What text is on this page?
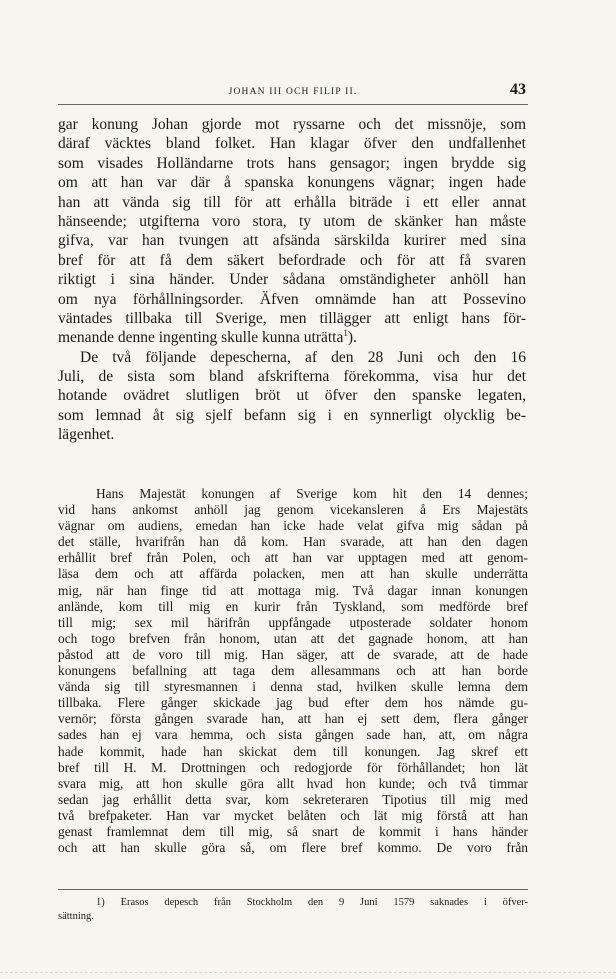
JOHAN III OCH FILIP II.	43
gar konung Johan gjorde mot ryssarne och det missnöje, som
däraf väcktes bland folket. Han klagar öfver den undfallenhet
som visades Holländarne trots hans gensagor; ingen brydde sig
om att han var där å spanska konungens vägnar; ingen hade
han att vända sig till för att erhålla biträde i ett eller annat
hänseende; utgifterna voro stora, ty utom de skänker han måste
gifva, var han tvungen att afsända särskilda kurirer med sina
bref för att få dem säkert befordrade och för att få svaren
riktigt i sina händer. Under sådana omständigheter anhöll han
om nya förhållningsorder. Äfven omnämde han att Possevino
väntades tillbaka till Sverige, men tillägger att enligt hans för-
menande denne ingenting skulle kunna uträtta$^1$).
De två följande depescherna, af den 28 Juni och den 16
Juli, de sista som bland afskrifterna förekomma, visa hur det
hotande ovädret slutligen bröt ut öfver den spanske legaten,
som lemnad åt sig sjelf befann sig i en synnerligt olycklig be-
lägenhet.
Hans Majestät konungen af Sverige kom hit den 14 dennes;
vid hans ankomst anhöll jag genom vicekansleren å Ers Majestäts
vägnar om audiens, emedan han icke hade velat gifva mig sådan på
det ställe, hvarifrån han då kom. Han svarade, att han den dagen
erhållit bref från Polen, och att han var upptagen med att genom-
läsa dem och att affärda polacken, men att han skulle underrätta
mig, när han finge tid att mottaga mig. Två dagar innan konungen
anlände, kom till mig en kurir från Tyskland, som medförde bref
till mig; sex mil härifrån uppfångade utposterade soldater honom
och togo brefven från honom, utan att det gagnade honom, att han
påstod att de voro till mig. Han säger, att de svarade, att de hade
konungens befallning att taga dem allesammans och att han borde
vända sig till styresmannen i denna stad, hvilken skulle lemna dem
tillbaka. Flere gånger skickade jag bud efter dem hos nämde gu-
vernör; första gången svarade han, att han ej sett dem, flera gånger
sades han ej vara hemma, och sista gången sade han, att, om några
hade kommit, hade han skickat dem till konungen. Jag skref ett
bref till H. M. Drottningen och redogjorde för förhållandet; hon lät
svara mig, att hon skulle göra allt hvad hon kunde; och två timmar
sedan jag erhållit detta svar, kom sekreteraren Tipotius till mig med
två brefpaketer. Han var mycket belåten och lät mig förstå att han
genast framlemnat dem till mig, så snart de kommit i hans händer
och att han skulle göra så, om flere bref kommo. De voro från
1) Erasos depesch från Stockholm den 9 Juni 1579 saknades i öfver-
sättning.
